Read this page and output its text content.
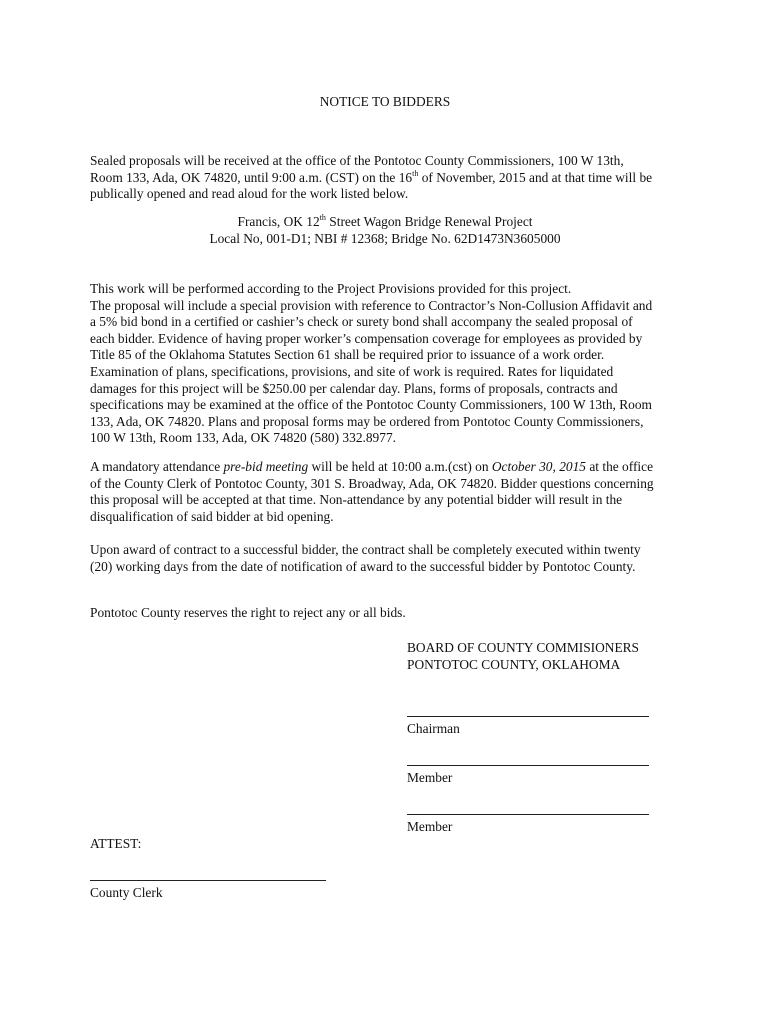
NOTICE TO BIDDERS
Sealed proposals will be received at the office of the Pontotoc County Commissioners, 100 W 13th,
Room 133, Ada, OK 74820, until 9:00 a.m. (CST) on the 16th of November, 2015 and at that time will be
publically opened and read aloud for the work listed below.
Francis, OK 12th Street Wagon Bridge Renewal Project
Local No, 001-D1; NBI # 12368; Bridge No. 62D1473N3605000
This work will be performed according to the Project Provisions provided for this project.
The proposal will include a special provision with reference to Contractor’s Non-Collusion Affidavit and
a 5% bid bond in a certified or cashier’s check or surety bond shall accompany the sealed proposal of
each bidder. Evidence of having proper worker’s compensation coverage for employees as provided by
Title 85 of the Oklahoma Statutes Section 61 shall be required prior to issuance of a work order.
Examination of plans, specifications, provisions, and site of work is required. Rates for liquidated
damages for this project will be $250.00 per calendar day. Plans, forms of proposals, contracts and
specifications may be examined at the office of the Pontotoc County Commissioners, 100 W 13th, Room
133, Ada, OK 74820. Plans and proposal forms may be ordered from Pontotoc County Commissioners,
100 W 13th, Room 133, Ada, OK 74820 (580) 332.8977.
A mandatory attendance pre-bid meeting will be held at 10:00 a.m.(cst) on October 30, 2015 at the office
of the County Clerk of Pontotoc County, 301 S. Broadway, Ada, OK 74820. Bidder questions concerning
this proposal will be accepted at that time. Non-attendance by any potential bidder will result in the
disqualification of said bidder at bid opening.
Upon award of contract to a successful bidder, the contract shall be completely executed within twenty
(20) working days from the date of notification of award to the successful bidder by Pontotoc County.
Pontotoc County reserves the right to reject any or all bids.
BOARD OF COUNTY COMMISIONERS
PONTOTOC COUNTY, OKLAHOMA
Chairman
Member
Member
ATTEST:
County Clerk
